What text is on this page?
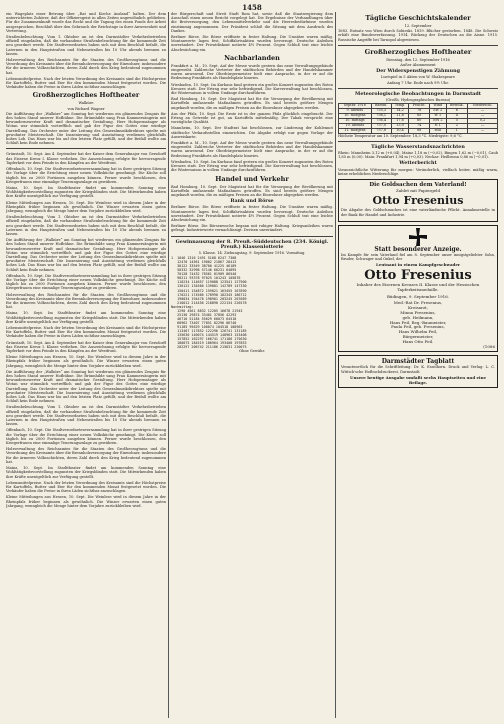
1458

ein Wageplatz einer Betrung über „Rat und Kirche Ausland“ halten. Der dem unterrichteten Zuhörer, daß der Offiziersgeist in allen Zeiten ungewöhnlich geblieben. Für die Zusammenkunft wurde das Recht und die Tagung des einen Fonds der Arbeit ausgesprochen. Beschluß über den Gebrauch der Reichstage in ihrer Anwesenheit und Vertretung.

Straßenbeleuchtung. Vom 1. Oktober an ist den Darmstädter Verkehrsbetrieben offiziell eingeladen, daß die vorhandene Straßenbeleuchtung für die kommende Zeit neu geordnet werde. Die Stadtverordneten haben sich mit dem Beschluß befaßt, die Laternen in den Hauptstraßen und Nebenstraßen bis 10 Uhr abends brennen zu lassen.

Holzverwaltung des Reichsamtes für die Staaten des Großherzogtums und die Verordnung des Kreisamts über die Brennholzversorgung der Einwohner, insbesondere für die ärmeren Volksschichten, deren Zahl durch den Krieg bedeutend zugenommen hat.

Lebensmittelpreise. Nach der letzten Verordnung des Kreisamts sind die Höchstpreise für Kartoffeln, Butter und Eier für den kommenden Monat festgesetzt worden. Die Verkäufer haben die Preise in ihren Läden sichtbar anzuschlagen.

Großherzogliches Hoftheater
Walküre
von Richard Wagner

Die Aufführung der „Walküre“ am Sonntag bot wiederum ein glänzendes Zeugnis für den hohen Stand unserer Hofbühne. Die Brünnhilde sang Frau Kammersängerin mit bewundernswerter Kraft und dramatischer Gestaltung. Herr Hofopernsänger als Wotan war stimmlich vortrefflich und gab der Figur des Gottes eine würdige Darstellung. Das Orchester unter der Leitung des Generalmusikdirektors spielte mit gewohnter Meisterschaft. Die Inszenierung und Ausstattung verdienen gleichfalls hohes Lob. Das Haus war bis auf den letzten Platz gefüllt, und der Beifall wollte am Schluß kein Ende nehmen.

Grünstadt, 10. Sept. Am 4. September hat der Kaiser dem Generalmajor von Gersdorff das Eiserne Kreuz I. Klasse verliehen. Die Auszeichnung erfolgte für hervorragende Tapferkeit vor dem Feinde in den Kämpfen an der Westfront.

Offenbach, 10. Sept. Die Stadtverordnetenversammlung hat in ihrer gestrigen Sitzung die Vorlage über die Errichtung einer neuen Volksküche genehmigt. Die Küche soll täglich bis zu 2000 Portionen ausgeben können. Ferner wurde beschlossen, den Kriegerfrauen eine einmalige Teuerungszulage zu gewähren.

Mainz, 10. Sept. Im Stadttheater findet am kommenden Sonntag eine Wohltätigkeitsvorstellung zugunsten der Kriegsblinden statt. Die Mitwirkenden haben ihre Kräfte unentgeltlich zur Verfügung gestellt.

Kleine Mitteilungen aus Hessen, 10. Sept. Die Weinlese wird in diesem Jahre in der Rheinpfalz früher beginnen als gewöhnlich. Die Winzer erwarten einen guten Jahrgang, wenngleich die Menge hinter dem Vorjahre zurückbleiben wird.

Straßenbeleuchtung. Vom 1. Oktober an ist den Darmstädter Verkehrsbetrieben offiziell eingeladen, daß die vorhandene Straßenbeleuchtung für die kommende Zeit neu geordnet werde. Die Stadtverordneten haben sich mit dem Beschluß befaßt, die Laternen in den Hauptstraßen und Nebenstraßen bis 10 Uhr abends brennen zu lassen.

Die Aufführung der „Walküre“ am Sonntag bot wiederum ein glänzendes Zeugnis für den hohen Stand unserer Hofbühne. Die Brünnhilde sang Frau Kammersängerin mit bewundernswerter Kraft und dramatischer Gestaltung. Herr Hofopernsänger als Wotan war stimmlich vortrefflich und gab der Figur des Gottes eine würdige Darstellung. Das Orchester unter der Leitung des Generalmusikdirektors spielte mit gewohnter Meisterschaft. Die Inszenierung und Ausstattung verdienen gleichfalls hohes Lob. Das Haus war bis auf den letzten Platz gefüllt, und der Beifall wollte am Schluß kein Ende nehmen.

Offenbach, 10. Sept. Die Stadtverordnetenversammlung hat in ihrer gestrigen Sitzung die Vorlage über die Errichtung einer neuen Volksküche genehmigt. Die Küche soll täglich bis zu 2000 Portionen ausgeben können. Ferner wurde beschlossen, den Kriegerfrauen eine einmalige Teuerungszulage zu gewähren.

Holzverwaltung des Reichsamtes für die Staaten des Großherzogtums und die Verordnung des Kreisamts über die Brennholzversorgung der Einwohner, insbesondere für die ärmeren Volksschichten, deren Zahl durch den Krieg bedeutend zugenommen hat.

Mainz, 10. Sept. Im Stadttheater findet am kommenden Sonntag eine Wohltätigkeitsvorstellung zugunsten der Kriegsblinden statt. Die Mitwirkenden haben ihre Kräfte unentgeltlich zur Verfügung gestellt.

Lebensmittelpreise. Nach der letzten Verordnung des Kreisamts sind die Höchstpreise für Kartoffeln, Butter und Eier für den kommenden Monat festgesetzt worden. Die Verkäufer haben die Preise in ihren Läden sichtbar anzuschlagen.

Grünstadt, 10. Sept. Am 4. September hat der Kaiser dem Generalmajor von Gersdorff das Eiserne Kreuz I. Klasse verliehen. Die Auszeichnung erfolgte für hervorragende Tapferkeit vor dem Feinde in den Kämpfen an der Westfront.

Kleine Mitteilungen aus Hessen, 10. Sept. Die Weinlese wird in diesem Jahre in der Rheinpfalz früher beginnen als gewöhnlich. Die Winzer erwarten einen guten Jahrgang, wenngleich die Menge hinter dem Vorjahre zurückbleiben wird.

Die Aufführung der „Walküre“ am Sonntag bot wiederum ein glänzendes Zeugnis für den hohen Stand unserer Hofbühne. Die Brünnhilde sang Frau Kammersängerin mit bewundernswerter Kraft und dramatischer Gestaltung. Herr Hofopernsänger als Wotan war stimmlich vortrefflich und gab der Figur des Gottes eine würdige Darstellung. Das Orchester unter der Leitung des Generalmusikdirektors spielte mit gewohnter Meisterschaft. Die Inszenierung und Ausstattung verdienen gleichfalls hohes Lob. Das Haus war bis auf den letzten Platz gefüllt, und der Beifall wollte am Schluß kein Ende nehmen.

Straßenbeleuchtung. Vom 1. Oktober an ist den Darmstädter Verkehrsbetrieben offiziell eingeladen, daß die vorhandene Straßenbeleuchtung für die kommende Zeit neu geordnet werde. Die Stadtverordneten haben sich mit dem Beschluß befaßt, die Laternen in den Hauptstraßen und Nebenstraßen bis 10 Uhr abends brennen zu lassen.

Offenbach, 10. Sept. Die Stadtverordnetenversammlung hat in ihrer gestrigen Sitzung die Vorlage über die Errichtung einer neuen Volksküche genehmigt. Die Küche soll täglich bis zu 2000 Portionen ausgeben können. Ferner wurde beschlossen, den Kriegerfrauen eine einmalige Teuerungszulage zu gewähren.

Holzverwaltung des Reichsamtes für die Staaten des Großherzogtums und die Verordnung des Kreisamts über die Brennholzversorgung der Einwohner, insbesondere für die ärmeren Volksschichten, deren Zahl durch den Krieg bedeutend zugenommen hat.

Mainz, 10. Sept. Im Stadttheater findet am kommenden Sonntag eine Wohltätigkeitsvorstellung zugunsten der Kriegsblinden statt. Die Mitwirkenden haben ihre Kräfte unentgeltlich zur Verfügung gestellt.

Lebensmittelpreise. Nach der letzten Verordnung des Kreisamts sind die Höchstpreise für Kartoffeln, Butter und Eier für den kommenden Monat festgesetzt worden. Die Verkäufer haben die Preise in ihren Läden sichtbar anzuschlagen.

Kleine Mitteilungen aus Hessen, 10. Sept. Die Weinlese wird in diesem Jahre in der Rheinpfalz früher beginnen als gewöhnlich. Die Winzer erwarten einen guten Jahrgang, wenngleich die Menge hinter dem Vorjahre zurückbleiben wird.

der Bürgerschaft und Streit Stadt Rom hat, sowie daß die Staatsregierung dem Ausschuß einen neuen Bericht vorgelegt hat. Die Ergebnisse der Verhandlungen über die Brotversorgung, den Lebensmittelverkehr und die Heeresbedürfnisse wurden einstimmig angenommen. Der Präsident schloß die Sitzung mit dem Ausdruck des Dankes.

Berliner Börse. Die Börse eröffnete in fester Haltung. Die Umsätze waren mäßig. Montanwerte lagen fest, Schiffahrtsaktien wurden bevorzugt. Deutsche Anleihen unverändert. Der Privatdiskont notierte 4½ Prozent. Gegen Schluß trat eine leichte Abschwächung ein.

Nachbarlanden

Frankfurt a. M., 10. Sept. Auf der Messe wurde gestern das neue Verwaltungsgebäude eingeweiht. Zahlreiche Vertreter der städtischen Behörden und der Handelskammer waren anwesend. Der Oberbürgermeister hielt eine Ansprache, in der er auf die Bedeutung Frankfurts als Handelsplatz hinwies.

Wiesbaden, 10. Sept. Im Kurhaus fand gestern ein großes Konzert zugunsten des Roten Kreuzes statt. Der Ertrag war sehr befriedigend. Die Kurverwaltung hat beschlossen, die Wintersaison in vollem Umfange durchzuführen.

Bad Homburg, 10. Sept. Der Magistrat hat für die Versorgung der Bevölkerung mit Kartoffeln umfassende Maßnahmen getroffen. Es sind bereits größere Mengen angekauft worden, die zu mäßigen Preisen an die Einwohner abgegeben werden.

Aus der Pfalz, 10. Sept. Die Ernte ist in der ganzen Pfalz glücklich eingebracht. Der Ertrag an Getreide ist gut, an Kartoffeln mittelmäßig. Der Tabak verspricht eine vorzügliche Qualität.

Mannheim, 10. Sept. Der Stadtrat hat beschlossen, zur Linderung der Kohlennot städtische Verkaufsstellen einzurichten. Die Abgabe erfolgt nur gegen Vorlage der Ausweiskarte.

Frankfurt a. M., 10. Sept. Auf der Messe wurde gestern das neue Verwaltungsgebäude eingeweiht. Zahlreiche Vertreter der städtischen Behörden und der Handelskammer waren anwesend. Der Oberbürgermeister hielt eine Ansprache, in der er auf die Bedeutung Frankfurts als Handelsplatz hinwies.

Wiesbaden, 10. Sept. Im Kurhaus fand gestern ein großes Konzert zugunsten des Roten Kreuzes statt. Der Ertrag war sehr befriedigend. Die Kurverwaltung hat beschlossen, die Wintersaison in vollem Umfange durchzuführen.

Handel und Verkehr

Bad Homburg, 10. Sept. Der Magistrat hat für die Versorgung der Bevölkerung mit Kartoffeln umfassende Maßnahmen getroffen. Es sind bereits größere Mengen angekauft worden, die zu mäßigen Preisen an die Einwohner abgegeben werden.

Bank und Börse

Berliner Börse. Die Börse eröffnete in fester Haltung. Die Umsätze waren mäßig. Montanwerte lagen fest, Schiffahrtsaktien wurden bevorzugt. Deutsche Anleihen unverändert. Der Privatdiskont notierte 4½ Prozent. Gegen Schluß trat eine leichte Abschwächung ein.

Berliner Börse. Die Börsenwoche begann mit ruhiger Haltung. Kriegsanleihen waren gefragt. Industriewerte vernachlässigt. Devisen unverändert.

Gewinnauszug der 8. Preuß.-Süddeutschen (234. Königl. Preuß.) Klassenlotterie
5. Klasse. 14. Ziehungstag. 9. September 1916. Vormittag.
1  1046 1316 2491 5168 6247 7308
12470 14561 19002 21867 28413
30122 33549 38700 41225 46189
50332 52998 57146 60231 64895
70128 74432 78561 81909 86540
90211 93378 97025 101243 105876
110234 114657 119088 123541 127900
130122 134566 139001 142789 147330
150411 154872 159021 163455 167890
170221 174566 178990 182345 186712
190034 194478 198901 203245 207689
210012 214456 218890 222134 226578
Nachmittag:
1290 4561 8832 12205 16678 21943
25130 29874 33401 37856 42293
46710 51184 55629 60073 64518
68962 73407 77851 82296 86740
91185 95629 100074 104518 108963
113407 117852 122296 126741 131185
135630 140074 144519 148963 153408
157852 162297 166741 171186 175630
180075 184519 188964 193408 197853
202297 206742 211186 215631 220075
Ohne Gewähr.
Tägliche Geschichtskalender
12. September

1683. Entsatz von Wien durch Sobieski. 1819. Blücher gestorben. 1848. Die Schweiz erhält eine Bundesverfassung. 1914. Rückzug der Deutschen an die Aisne. 1915. Russische Angriffe bei Tarnopol abgewiesen.

Großherzogliches Hoftheater
Dienstag, den 12. September 1916
Außer Abonnement
Der Widerspenstigen Zähmung
Lustspiel in 5 Akten von W. Shakespeare
Anfang 7 Uhr. Ende nach 9½ Uhr.
Meteorologische Beobachtungen in Darmstadt
(Großh. Hydrographisches Bureau)
Septbr. 1916	Barom.	Temp.	Feucht.	Wind	Bewölk.	Niederschl.
9. abends	755,3	14,2	78	SW 2	6	—
10. morgens	756,1	11,8	85	W 1	4	—
10. mittags	756,4	17,6	60	NW 2	5	0,2
10. abends	757,0	13,9	74	N 1	2	—
11. morgens	757,8	10,4	88	still	1	—

Höchste Temperatur am 10. September: 18,3 °C. Niedrigste: 9,6 °C.

Tägliche Wasserstandsnachrichten

Rhein: Mannheim 3,12 m (+0,04), Mainz 1,18 m (−0,02), Bingen 1,62 m (−0,01), Caub 1,85 m (0,00). Main: Frankfurt 1,94 m (+0,03). Neckar: Heilbronn 0,86 m (−0,01).

Wetterbericht

Voraussichtliche Witterung für morgen: Veränderlich, vielfach heiter, mäßig warm, keine erheblichen Niederschläge.

Die Goldsachen dem Vaterland!
Zahlet mit Papiergeld
Otto Fresenius

Die Abgabe des Goldschmuckes ist eine vaterländische Pflicht. Annahmestelle in der Bank für Handel und Industrie.

Statt besonderer Anzeige.

Im Kampfe für sein Vaterland fiel am 8. September unser innigstgeliebter Sohn, Bruder, Schwager und Onkel, der

Leutnant in einem Kampfgeschwader
Otto Fresenius
Inhaber des Eisernen Kreuzes II. Klasse und der Hessischen Tapferkeitsmedaille.
Büdingen, 9. September 1916.
Med.-Rat Dr. Fresenius,
Kreisarzt,
Minna Fresenius,
geb. Heilmann,
Hans Feil, Reg.-Baumeister,
Paula Feil, geb. Fresenius,
Hans Wilhelm Feil,
Bürgermeister,
Hans Otto Feil.
(1086
Darmstädter Tagblatt

Verantwortlich für die Schriftleitung: Dr. K. Esselborn. Druck und Verlag: L. C. Wittich'sche Hofbuchdruckerei, Darmstadt.

Unsere heutige Ausgabe umfaßt sechs Hauptseiten und eine Beilage.
